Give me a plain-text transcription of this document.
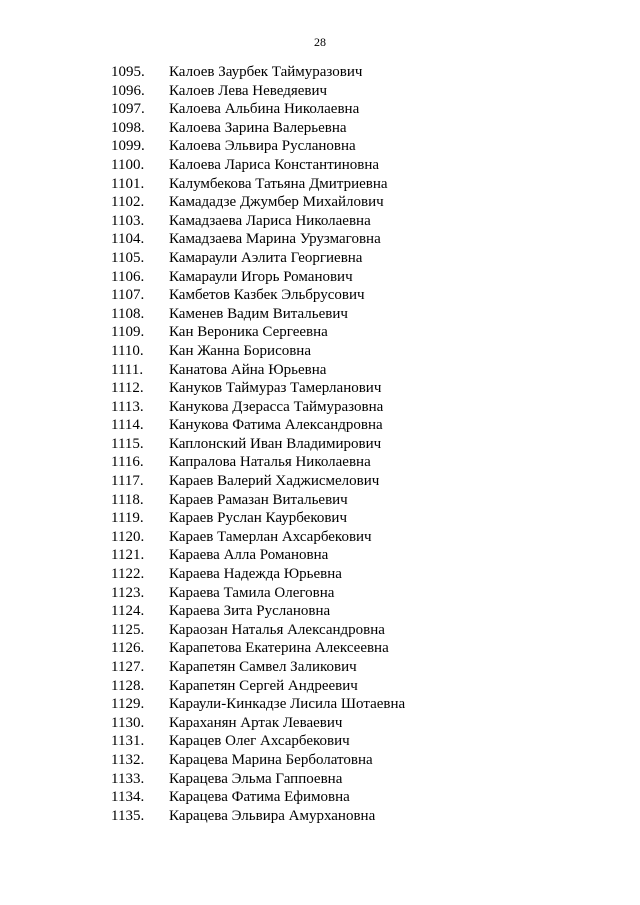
28
1095. Калоев Заурбек Таймуразович
1096. Калоев Лева Неведяевич
1097. Калоева Альбина Николаевна
1098. Калоева Зарина Валерьевна
1099. Калоева Эльвира Руслановна
1100. Калоева Лариса Константиновна
1101. Калумбекова Татьяна Дмитриевна
1102. Камададзе Джумбер Михайлович
1103. Камадзаева Лариса Николаевна
1104. Камадзаева Марина Урузмаговна
1105. Камараули Аэлита Георгиевна
1106. Камараули Игорь Романович
1107. Камбетов Казбек Эльбрусович
1108. Каменев Вадим Витальевич
1109. Кан Вероника Сергеевна
1110. Кан Жанна Борисовна
1111. Канатова Айна Юрьевна
1112. Кануков Таймураз Тамерланович
1113. Канукова Дзерасса Таймуразовна
1114. Канукова Фатима Александровна
1115. Каплонский Иван Владимирович
1116. Капралова Наталья Николаевна
1117. Караев Валерий Хаджисмелович
1118. Караев Рамазан Витальевич
1119. Караев Руслан Каурбекович
1120. Караев Тамерлан Ахсарбекович
1121. Караева Алла Романовна
1122. Караева Надежда Юрьевна
1123. Караева Тамила Олеговна
1124. Караева Зита Руслановна
1125. Караозан Наталья Александровна
1126. Карапетова Екатерина Алексеевна
1127. Карапетян Самвел Заликович
1128. Карапетян Сергей Андреевич
1129. Караули-Кинкадзе Лисила Шотаевна
1130. Караханян Артак Леваевич
1131. Карацев Олег Ахсарбекович
1132. Карацева Марина Берболатовна
1133. Карацева Эльма Гаппоевна
1134. Карацева Фатима Ефимовна
1135. Карацева Эльвира Амурхановна
